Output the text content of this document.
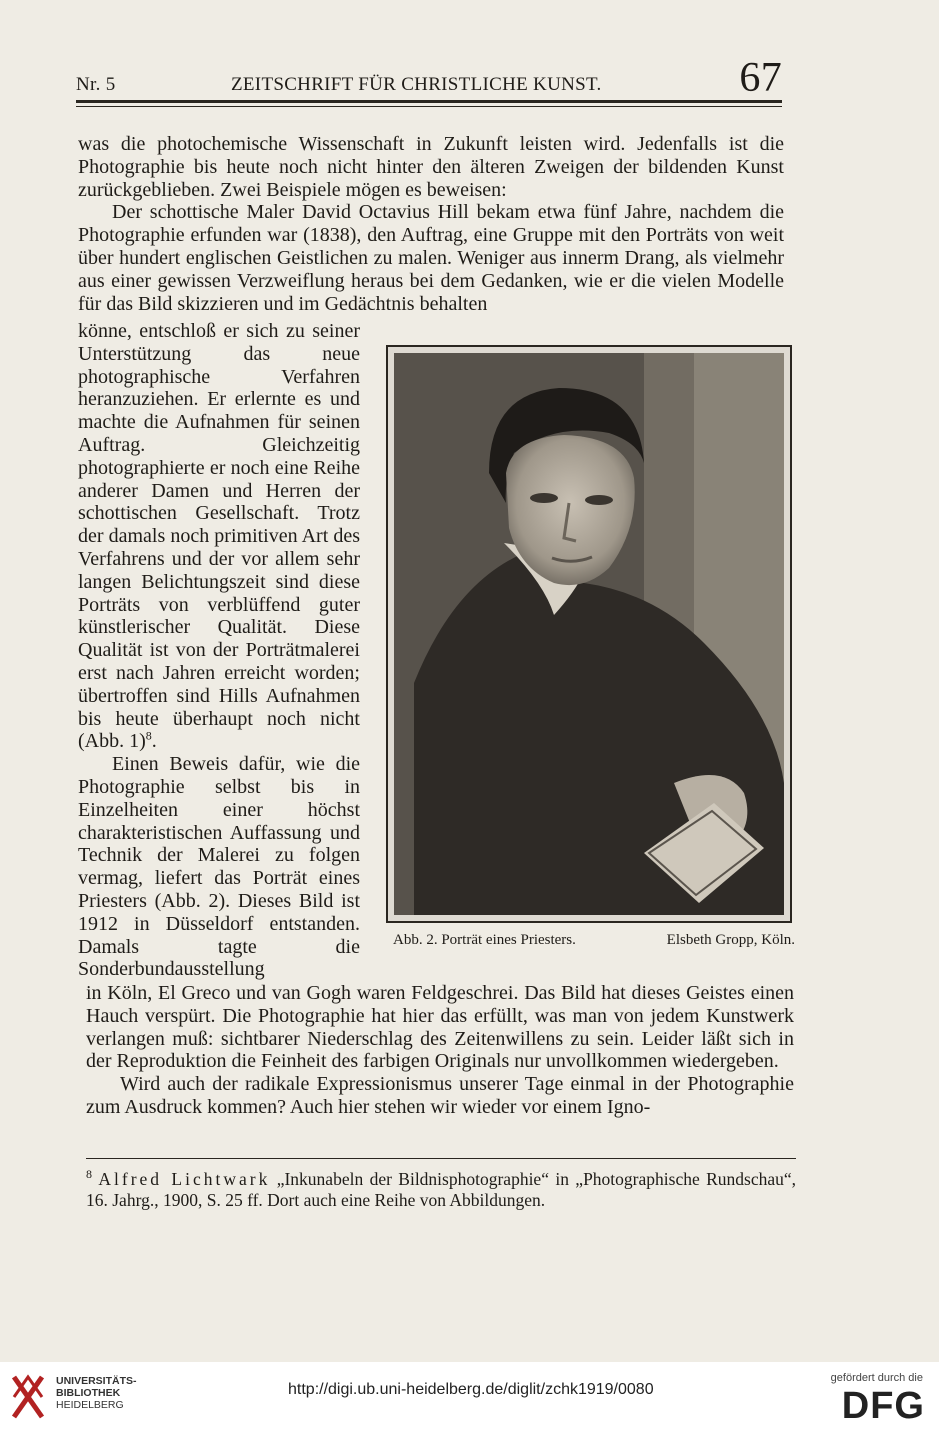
Nr. 5	ZEITSCHRIFT FÜR CHRISTLICHE KUNST.	67

was die photochemische Wissenschaft in Zukunft leisten wird. Jedenfalls ist die Photographie bis heute noch nicht hinter den älteren Zweigen der bildenden Kunst zurückgeblieben. Zwei Beispiele mögen es beweisen:

Der schottische Maler David Octavius Hill bekam etwa fünf Jahre, nachdem die Photographie erfunden war (1838), den Auftrag, eine Gruppe mit den Porträts von weit über hundert englischen Geistlichen zu malen. Weniger aus innerm Drang, als vielmehr aus einer gewissen Verzweiflung heraus bei dem Gedanken, wie er die vielen Modelle für das Bild skizzieren und im Gedächtnis behalten

könne, entschloß er sich zu seiner Unterstützung das neue photographische Verfahren heranzuziehen. Er erlernte es und machte die Aufnahmen für seinen Auftrag. Gleichzeitig photographierte er noch eine Reihe anderer Damen und Herren der schottischen Gesellschaft. Trotz der damals noch primitiven Art des Verfahrens und der vor allem sehr langen Belichtungszeit sind diese Porträts von verblüffend guter künstlerischer Qualität. Diese Qualität ist von der Porträtmalerei erst nach Jahren erreicht worden; übertroffen sind Hills Aufnahmen bis heute überhaupt noch nicht (Abb. 1)$^8$.

Einen Beweis dafür, wie die Photographie selbst bis in Einzelheiten einer höchst charakteristischen Auffassung und Technik der Malerei zu folgen vermag, liefert das Porträt eines Priesters (Abb. 2). Dieses Bild ist 1912 in Düsseldorf entstanden. Damals tagte die Sonderbundausstellung

Abb. 2. Porträt eines Priesters.	Elsbeth Gropp, Köln.

in Köln, El Greco und van Gogh waren Feldgeschrei. Das Bild hat dieses Geistes einen Hauch verspürt. Die Photographie hat hier das erfüllt, was man von jedem Kunstwerk verlangen muß: sichtbarer Niederschlag des Zeitenwillens zu sein. Leider läßt sich in der Reproduktion die Feinheit des farbigen Originals nur unvollkommen wiedergeben.

Wird auch der radikale Expressionismus unserer Tage einmal in der Photographie zum Ausdruck kommen? Auch hier stehen wir wieder vor einem Igno-

$^8$ Alfred Lichtwark „Inkunabeln der Bildnisphotographie“ in „Photographische Rundschau“, 16. Jahrg., 1900, S. 25 ff. Dort auch eine Reihe von Abbildungen.
UNIVERSITÄTS-
BIBLIOTHEK
HEIDELBERG
http://digi.ub.uni-heidelberg.de/diglit/zchk1919/0080
gefördert durch die
DFG
